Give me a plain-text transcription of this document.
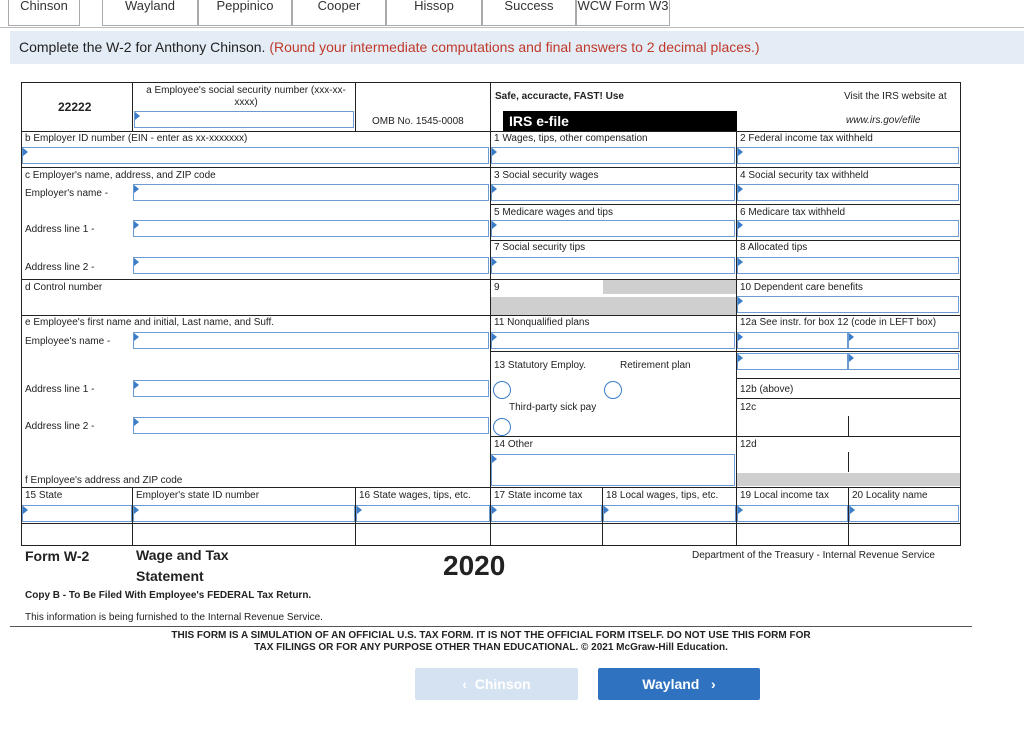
Chinson	Wayland	Peppinico	Cooper	Hissop	Success	WCW Form W3
Complete the W-2 for Anthony Chinson. (Round your intermediate computations and final answers to 2 decimal places.)
22222
a Employee's social security number (xxx-xx-xxxx)
OMB No. 1545-0008
Safe, accuracte, FAST! Use	Visit the IRS website at
IRS e-file	www.irs.gov/efile
b Employer ID number (EIN - enter as xx-xxxxxxx)	1 Wages, tips, other compensation	2 Federal income tax withheld
c Employer's name, address, and ZIP code
Employer's name -
3 Social security wages	4 Social security tax withheld
5 Medicare wages and tips	6 Medicare tax withheld
Address line 1 -
7 Social security tips	8 Allocated tips
Address line 2 -
d Control number	9	10 Dependent care benefits
e Employee's first name and initial, Last name, and Suff.
Employee's name -
11 Nonqualified plans	12a See instr. for box 12 (code in LEFT box)
13 Statutory Employ.	Retirement plan
12b (above)
Address line 1 -
12c
Third-party sick pay
Address line 2 -
14 Other	12d
f Employee's address and ZIP code
15 State	Employer's state ID number	16 State wages, tips, etc. 17 State income tax 18 Local wages, tips, etc. 19 Local income tax 20 Locality name
Form W-2	Wage and Tax
Statement	2020	Department of the Treasury - Internal Revenue Service
Copy B - To Be Filed With Employee's FEDERAL Tax Return.
This information is being furnished to the Internal Revenue Service.
THIS FORM IS A SIMULATION OF AN OFFICIAL U.S. TAX FORM. IT IS NOT THE OFFICIAL FORM ITSELF. DO NOT USE THIS FORM FOR
TAX FILINGS OR FOR ANY PURPOSE OTHER THAN EDUCATIONAL. © 2021 McGraw-Hill Education.
‹ Chinson	Wayland ›
